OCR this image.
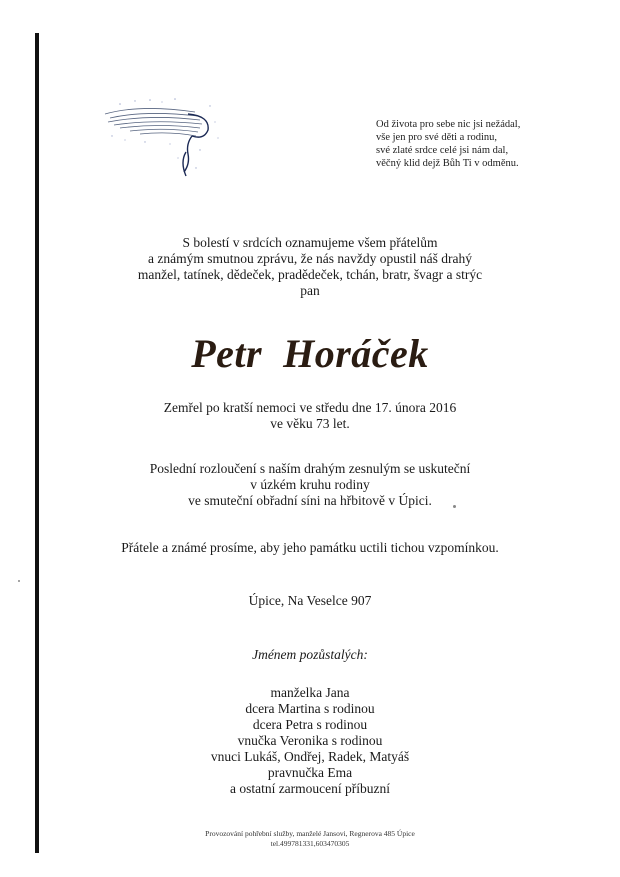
Od života pro sebe nic jsi nežádal,
vše jen pro své děti a rodinu,
své zlaté srdce celé jsi nám dal,
věčný klid dejž Bůh Ti v odměnu.
S bolestí v srdcích oznamujeme všem přátelům
a známým smutnou zprávu, že nás navždy opustil náš drahý
manžel, tatínek, dědeček, pradědeček, tchán, bratr, švagr a strýc
pan
Petr Horáček
Zemřel po kratší nemoci ve středu dne 17. února 2016
ve věku 73 let.
Poslední rozloučení s naším drahým zesnulým se uskuteční
v úzkém kruhu rodiny
ve smuteční obřadní síni na hřbitově v Úpici.
Přátele a známé prosíme, aby jeho památku uctili tichou vzpomínkou.
Úpice, Na Veselce 907
Jménem pozůstalých:
manželka Jana
dcera Martina s rodinou
dcera Petra s rodinou
vnučka Veronika s rodinou
vnuci Lukáš, Ondřej, Radek, Matyáš
pravnučka Ema
a ostatní zarmoucení příbuzní
Provozování pohřební služby, manželé Jansovi, Regnerova 485 Úpice
tel.499781331,603470305
